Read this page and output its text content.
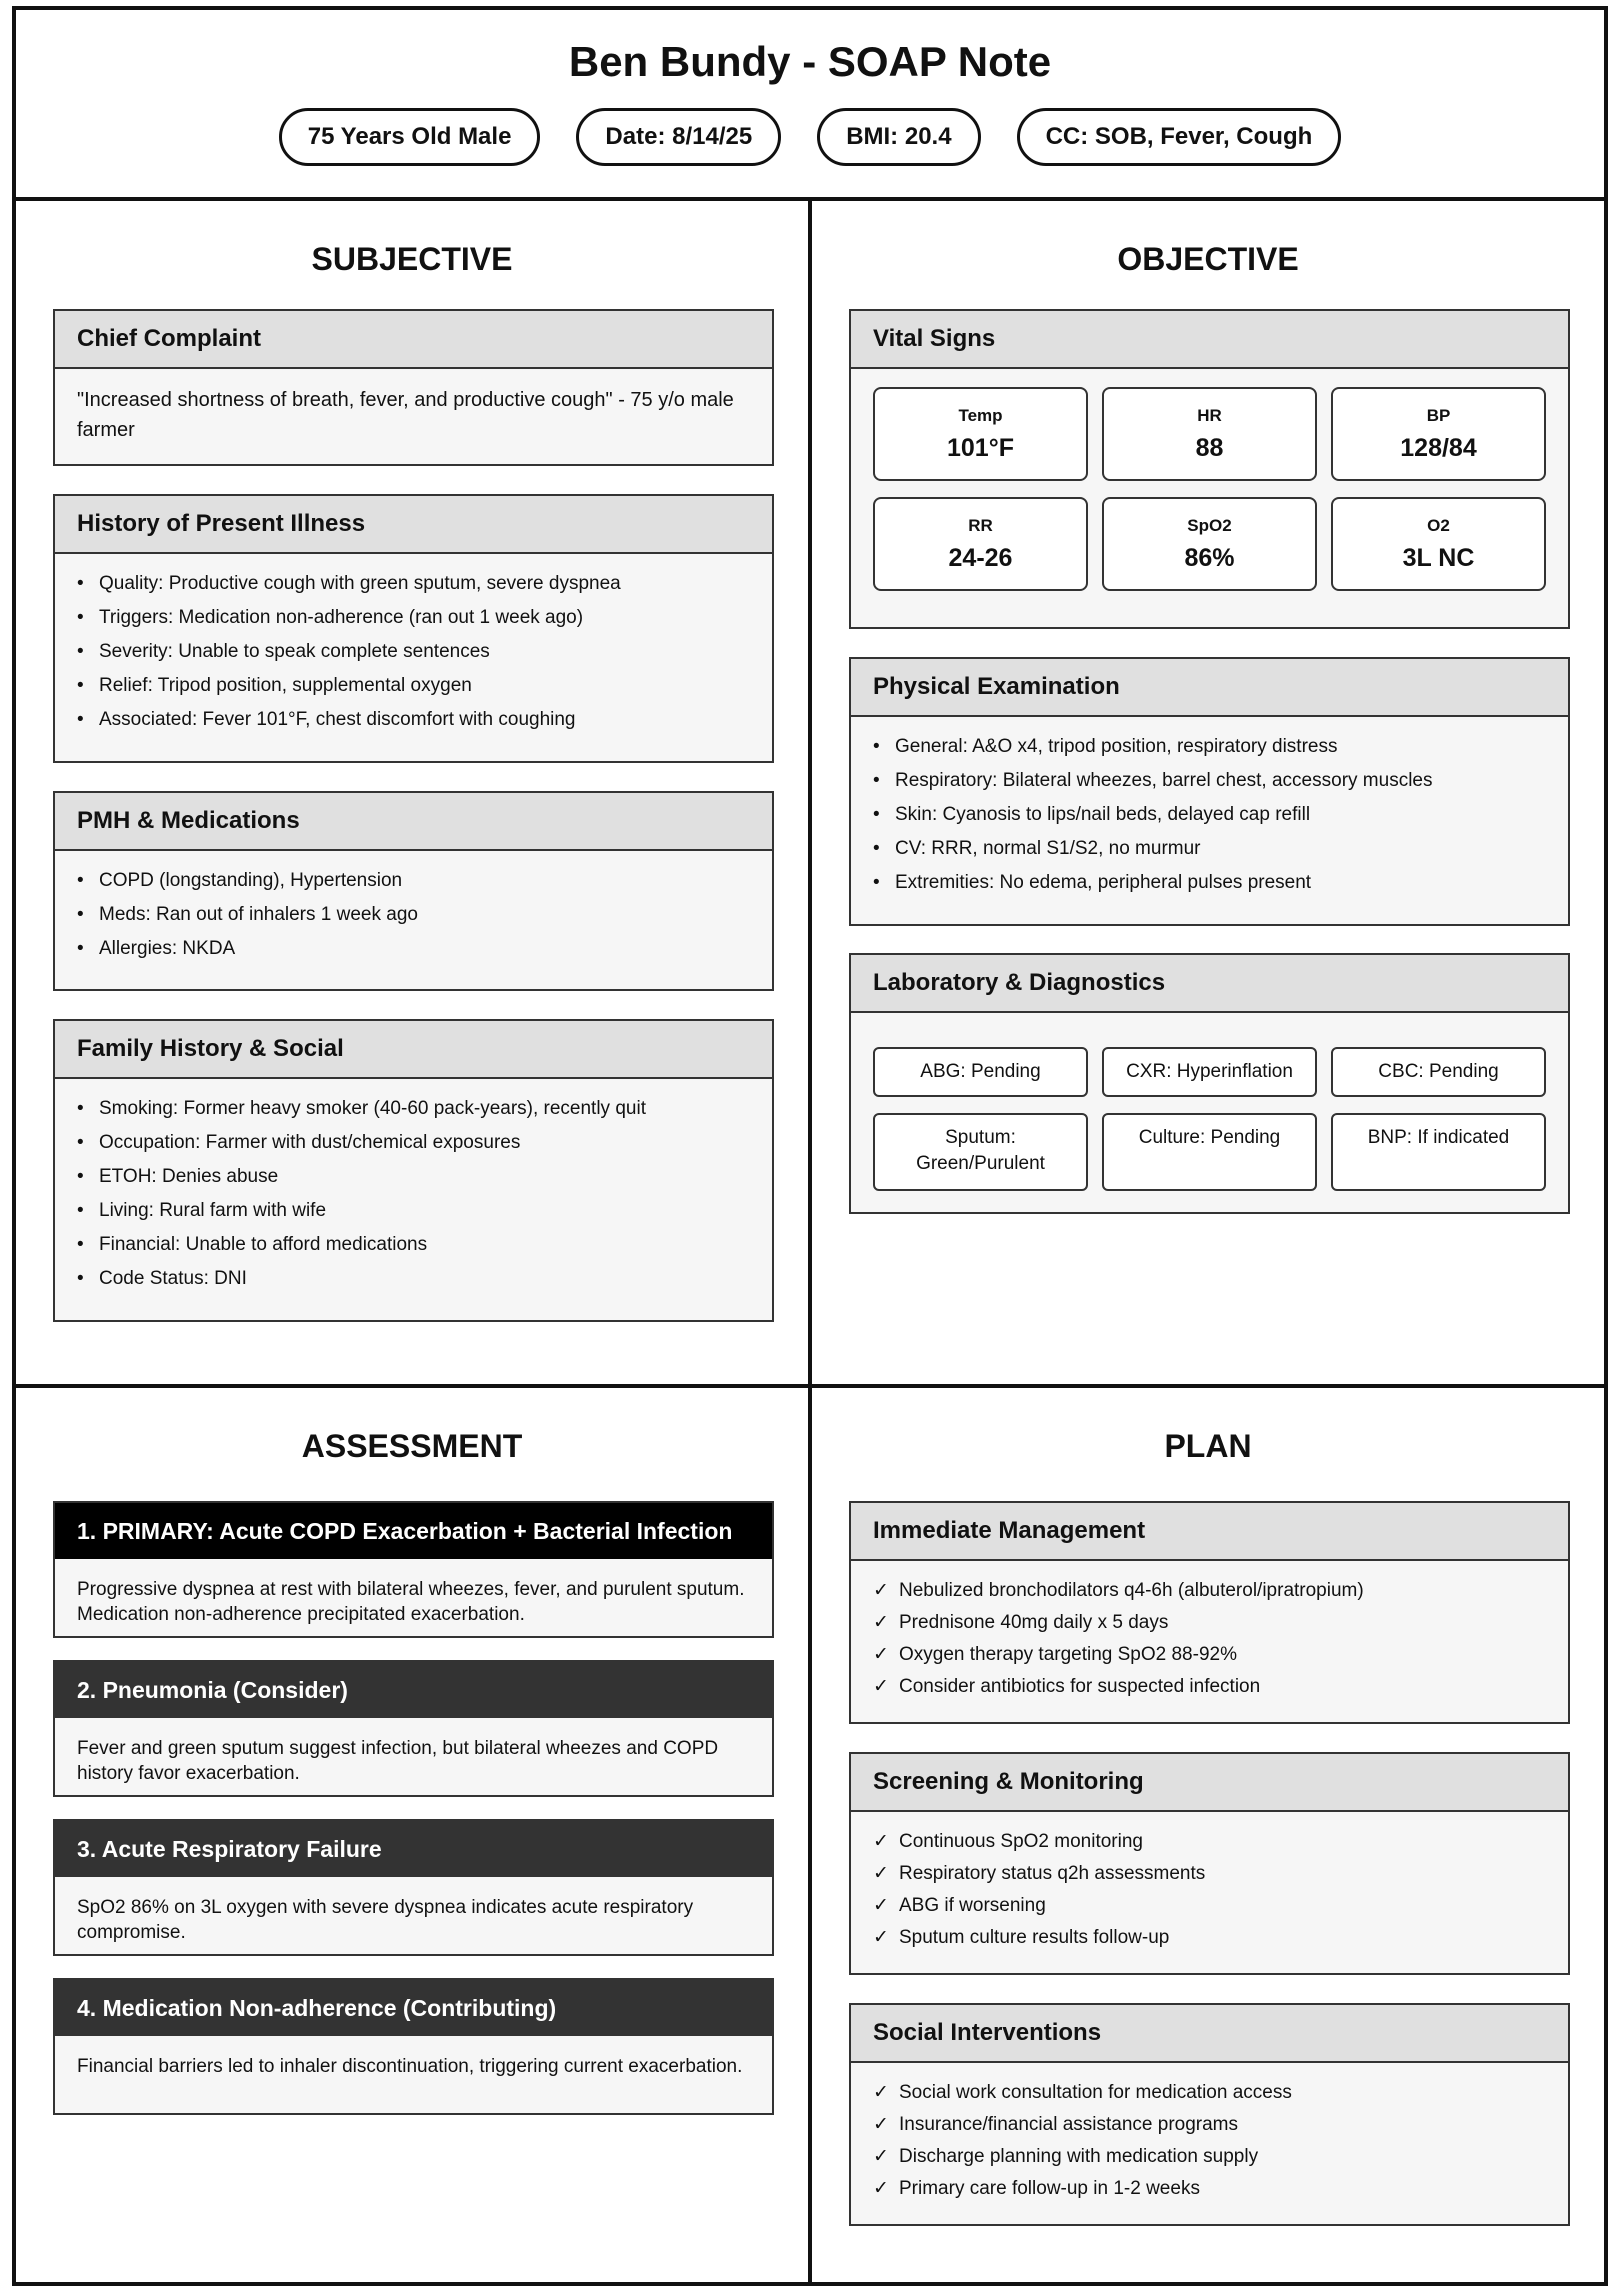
Ben Bundy - SOAP Note
75 Years Old Male	Date: 8/14/25	BMI: 20.4	CC: SOB, Fever, Cough
SUBJECTIVE
Chief Complaint
"Increased shortness of breath, fever, and productive cough" - 75 y/o male farmer
History of Present Illness
• Quality: Productive cough with green sputum, severe dyspnea
• Triggers: Medication non-adherence (ran out 1 week ago)
• Severity: Unable to speak complete sentences
• Relief: Tripod position, supplemental oxygen
• Associated: Fever 101°F, chest discomfort with coughing
PMH & Medications
• COPD (longstanding), Hypertension
• Meds: Ran out of inhalers 1 week ago
• Allergies: NKDA
Family History & Social
• Smoking: Former heavy smoker (40-60 pack-years), recently quit
• Occupation: Farmer with dust/chemical exposures
• ETOH: Denies abuse
• Living: Rural farm with wife
• Financial: Unable to afford medications
• Code Status: DNI
OBJECTIVE
Vital Signs
Temp
101°F
HR
88
BP
128/84
RR
24-26
SpO2
86%
O2
3L NC
Physical Examination
• General: A&O x4, tripod position, respiratory distress
• Respiratory: Bilateral wheezes, barrel chest, accessory muscles
• Skin: Cyanosis to lips/nail beds, delayed cap refill
• CV: RRR, normal S1/S2, no murmur
• Extremities: No edema, peripheral pulses present
Laboratory & Diagnostics
ABG: Pending	CXR: Hyperinflation	CBC: Pending
Sputum: Green/Purulent
Culture: Pending	BNP: If indicated
ASSESSMENT
1. PRIMARY: Acute COPD Exacerbation + Bacterial Infection
Progressive dyspnea at rest with bilateral wheezes, fever, and purulent sputum. Medication non-adherence precipitated exacerbation.
2. Pneumonia (Consider)
Fever and green sputum suggest infection, but bilateral wheezes and COPD history favor exacerbation.
3. Acute Respiratory Failure
SpO2 86% on 3L oxygen with severe dyspnea indicates acute respiratory compromise.
4. Medication Non-adherence (Contributing)
Financial barriers led to inhaler discontinuation, triggering current exacerbation.
PLAN
Immediate Management
✓ Nebulized bronchodilators q4-6h (albuterol/ipratropium)
✓ Prednisone 40mg daily x 5 days
✓ Oxygen therapy targeting SpO2 88-92%
✓ Consider antibiotics for suspected infection
Screening & Monitoring
✓ Continuous SpO2 monitoring
✓ Respiratory status q2h assessments
✓ ABG if worsening
✓ Sputum culture results follow-up
Social Interventions
✓ Social work consultation for medication access
✓ Insurance/financial assistance programs
✓ Discharge planning with medication supply
✓ Primary care follow-up in 1-2 weeks
